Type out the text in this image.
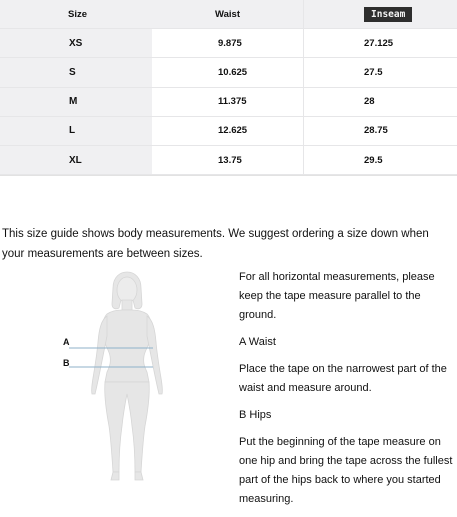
Size	Waist	Inseam
XS	9.875	27.125
S	10.625	27.5
M	11.375	28
L	12.625	28.75
XL	13.75	29.5
This size guide shows body measurements. We suggest ordering a size down when your measurements are between sizes.
A
B

For all horizontal measurements, please keep the tape measure parallel to the ground.

A Waist

Place the tape on the narrowest part of the waist and measure around.

B Hips

Put the beginning of the tape measure on one hip and bring the tape across the fullest part of the hips back to where you started measuring.
